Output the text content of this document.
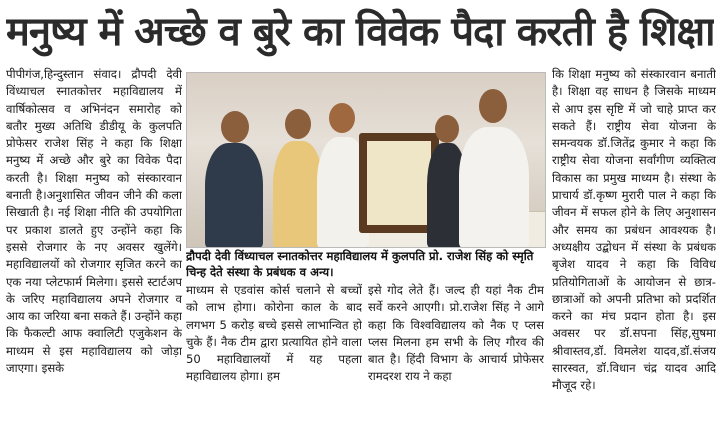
मनुष्य में अच्छे व बुरे का विवेक पैदा करती है शिक्षा
पीपीगंज,हिन्दुस्तान संवाद। द्रौपदी देवी विंध्याचल स्नातकोत्तर महाविद्यालय में वार्षिकोत्सव व अभिनंदन समारोह को बतौर मुख्य अतिथि डीडीयू के कुलपति प्रोफेसर राजेश सिंह ने कहा कि शिक्षा मनुष्य में अच्छे और बुरे का विवेक पैदा करती है। शिक्षा मनुष्य को संस्कारवान बनाती है।अनुशासित जीवन जीने की कला सिखाती है। नई शिक्षा नीति की उपयोगिता पर प्रकाश डालते हुए उन्होंने कहा कि इससे रोजगार के नए अवसर खुलेंगे। महाविद्यालयों को रोजगार सृजित करने का एक नया प्लेटफार्म मिलेगा। इससे स्टार्टअप के जरिए महाविद्यालय अपने रोजगार व आय का जरिया बना सकते हैं। उन्होंने कहा कि फैकल्टी आफ क्वालिटी एजुकेशन के माध्यम से इस महाविद्यालय को जोड़ा जाएगा। इसके
द्रौपदी देवी विंध्याचल स्नातकोत्तर महाविद्यालय में कुलपति प्रो. राजेश सिंह को स्मृति चिन्ह देते संस्था के प्रबंधक व अन्य।
माध्यम से एडवांस कोर्स चलाने से बच्चों को लाभ होगा। कोरोना काल के बाद लगभग 5 करोड़ बच्चे इससे लाभान्वित हो चुके हैं। नैक टीम द्वारा प्रत्यायित होने वाला 50 महाविद्यालयों में यह पहला महाविद्यालय होगा। हम
इसे गोद लेते हैं। जल्द ही यहां नैक टीम सर्वे करने आएगी। प्रो.राजेश सिंह ने आगे कहा कि विश्वविद्यालय को नैक ए प्लस प्लस मिलना हम सभी के लिए गौरव की बात है। हिंदी विभाग के आचार्य प्रोफेसर रामदरश राय ने कहा
कि शिक्षा मनुष्य को संस्कारवान बनाती है। शिक्षा वह साधन है जिसके माध्यम से आप इस सृष्टि में जो चाहे प्राप्त कर सकते हैं। राष्ट्रीय सेवा योजना के समन्वयक डॉ.जितेंद्र कुमार ने कहा कि राष्ट्रीय सेवा योजना सर्वांगीण व्यक्तित्व विकास का प्रमुख माध्यम है। संस्था के प्राचार्य डॉ.कृष्ण मुरारी पाल ने कहा कि जीवन में सफल होने के लिए अनुशासन और समय का प्रबंधन आवश्यक है।अध्यक्षीय उद्बोधन में संस्था के प्रबंधक बृजेश यादव ने कहा कि विविध प्रतियोगिताओं के आयोजन से छात्र- छात्राओं को अपनी प्रतिभा को प्रदर्शित करने का मंच प्रदान होता है। इस अवसर पर डॉ.सपना सिंह,सुषमा श्रीवास्तव,डॉ. विमलेश यादव,डॉ.संजय सारस्वत, डॉ.विधान चंद्र यादव आदि मौजूद रहे।
